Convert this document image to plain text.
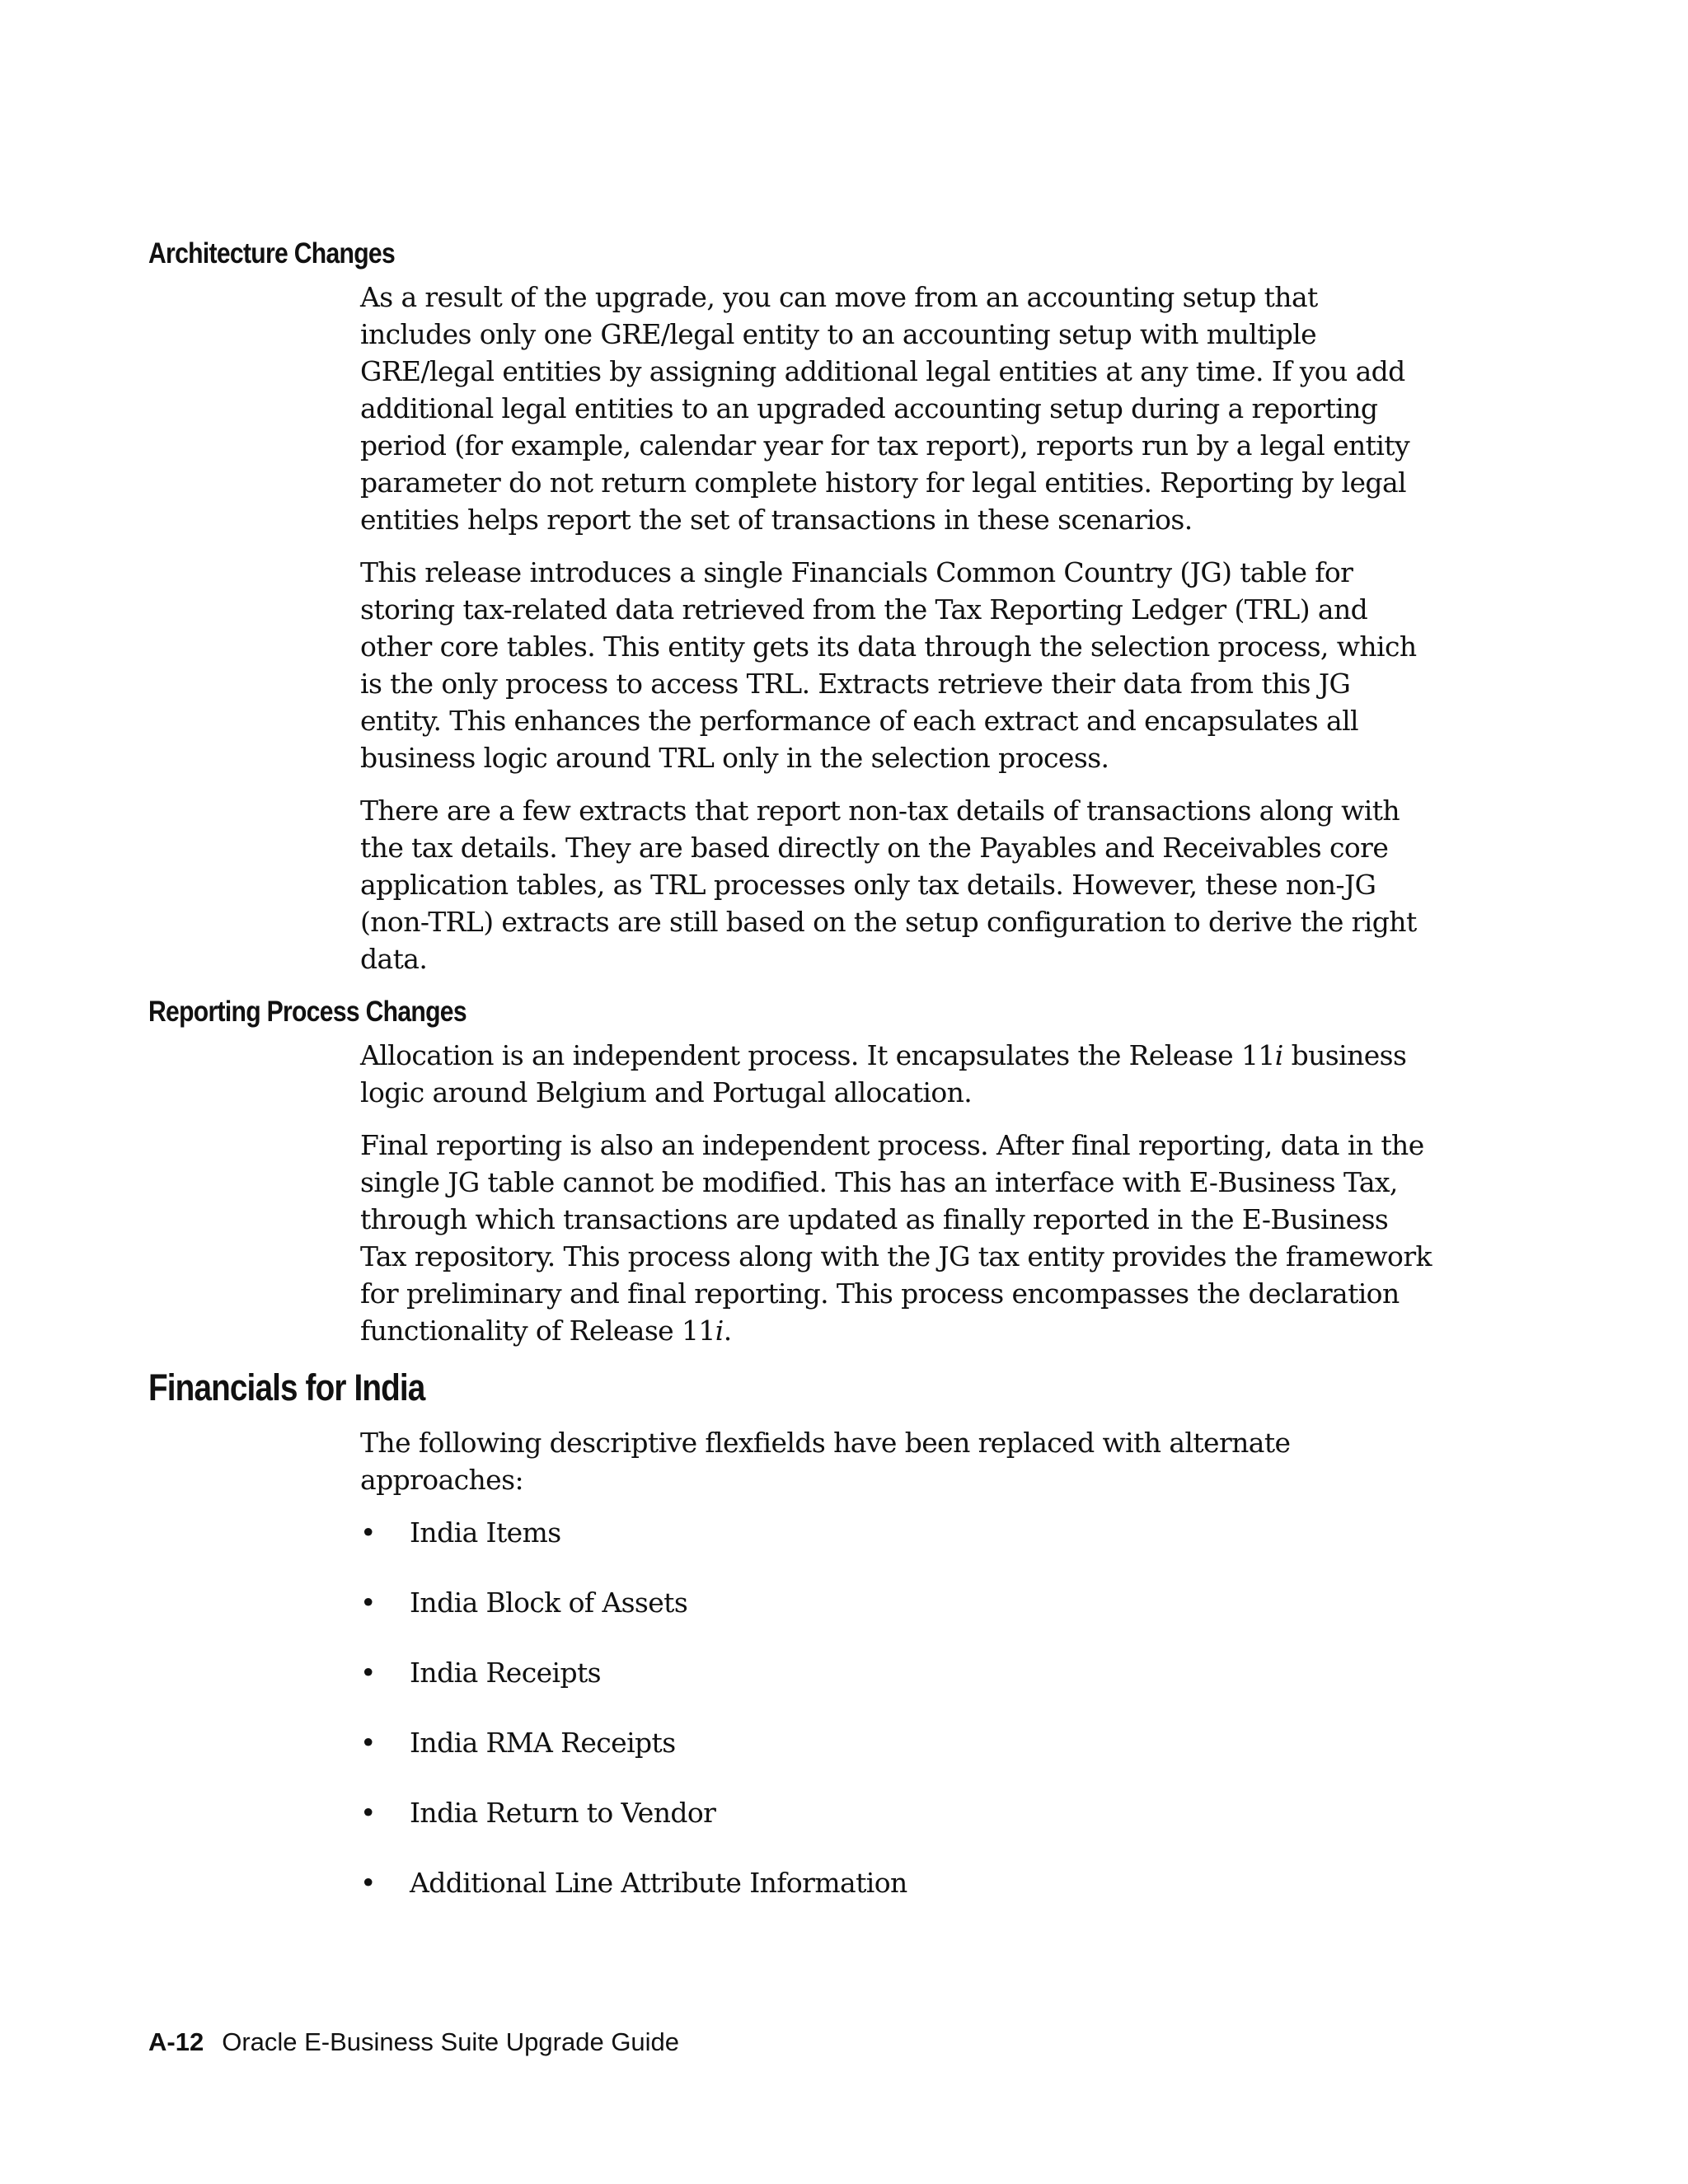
Architecture Changes

As a result of the upgrade, you can move from an accounting setup that includes only one GRE/legal entity to an accounting setup with multiple GRE/legal entities by assigning additional legal entities at any time. If you add additional legal entities to an upgraded accounting setup during a reporting period (for example, calendar year for tax report), reports run by a legal entity parameter do not return complete history for legal entities. Reporting by legal entities helps report the set of transactions in these scenarios.

This release introduces a single Financials Common Country (JG) table for storing tax-related data retrieved from the Tax Reporting Ledger (TRL) and other core tables. This entity gets its data through the selection process, which is the only process to access TRL. Extracts retrieve their data from this JG entity. This enhances the performance of each extract and encapsulates all business logic around TRL only in the selection process.

There are a few extracts that report non-tax details of transactions along with the tax details. They are based directly on the Payables and Receivables core application tables, as TRL processes only tax details. However, these non-JG (non-TRL) extracts are still based on the setup configuration to derive the right data.

Reporting Process Changes

Allocation is an independent process. It encapsulates the Release 11i business logic around Belgium and Portugal allocation.

Final reporting is also an independent process. After final reporting, data in the single JG table cannot be modified. This has an interface with E-Business Tax, through which transactions are updated as finally reported in the E-Business Tax repository. This process along with the JG tax entity provides the framework for preliminary and final reporting. This process encompasses the declaration functionality of Release 11i.

Financials for India

The following descriptive flexfields have been replaced with alternate approaches:

• India Items
• India Block of Assets
• India Receipts
• India RMA Receipts
• India Return to Vendor
• Additional Line Attribute Information
A-12 Oracle E-Business Suite Upgrade Guide
